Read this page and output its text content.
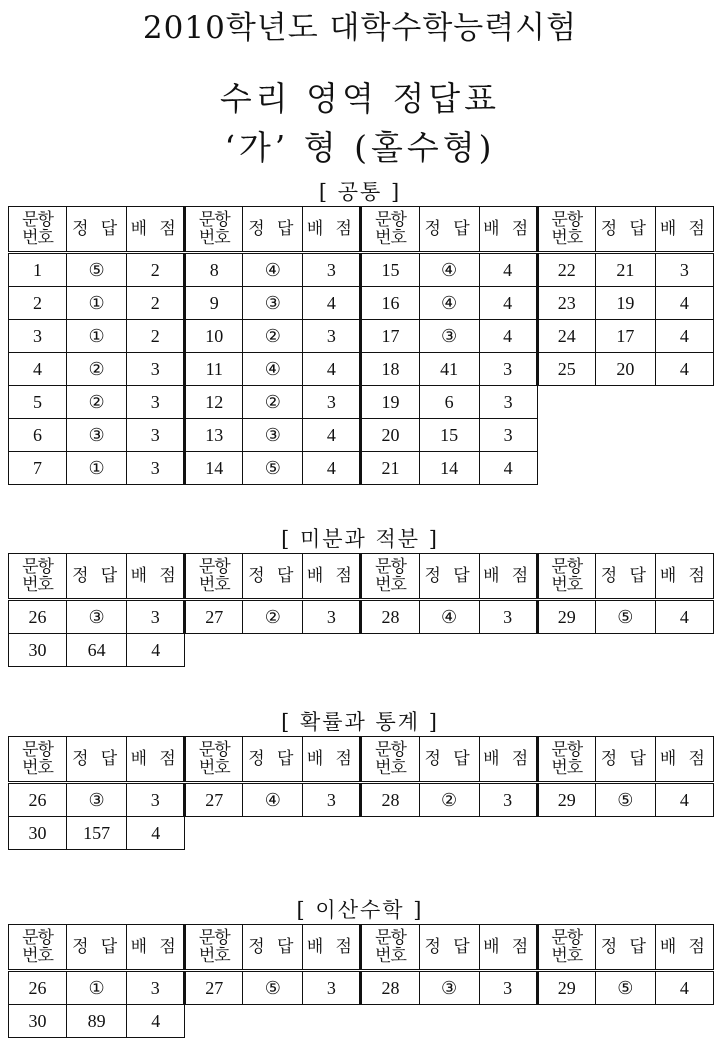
2010학년도 대학수학능력시험
수리 영역 정답표
‘가’ 형 (홀수형)
[ 공통 ]
문항
번호	정 답	배 점	문항
번호	정 답	배 점	문항
번호	정 답	배 점	문항
번호	정 답	배 점
1	⑤	2	8	④	3	15	④	4	22	21	3
2	①	2	9	③	4	16	④	4	23	19	4
3	①	2	10	②	3	17	③	4	24	17	4
4	②	3	11	④	4	18	41	3	25	20	4
5	②	3	12	②	3	19	6	3			
6	③	3	13	③	4	20	15	3			
7	①	3	14	⑤	4	21	14	4			
[ 미분과 적분 ]
문항
번호	정 답	배 점	문항
번호	정 답	배 점	문항
번호	정 답	배 점	문항
번호	정 답	배 점
26	③	3	27	②	3	28	④	3	29	⑤	4
30	64	4									
[ 확률과 통계 ]
문항
번호	정 답	배 점	문항
번호	정 답	배 점	문항
번호	정 답	배 점	문항
번호	정 답	배 점
26	③	3	27	④	3	28	②	3	29	⑤	4
30	157	4									
[ 이산수학 ]
문항
번호	정 답	배 점	문항
번호	정 답	배 점	문항
번호	정 답	배 점	문항
번호	정 답	배 점
26	①	3	27	⑤	3	28	③	3	29	⑤	4
30	89	4									
